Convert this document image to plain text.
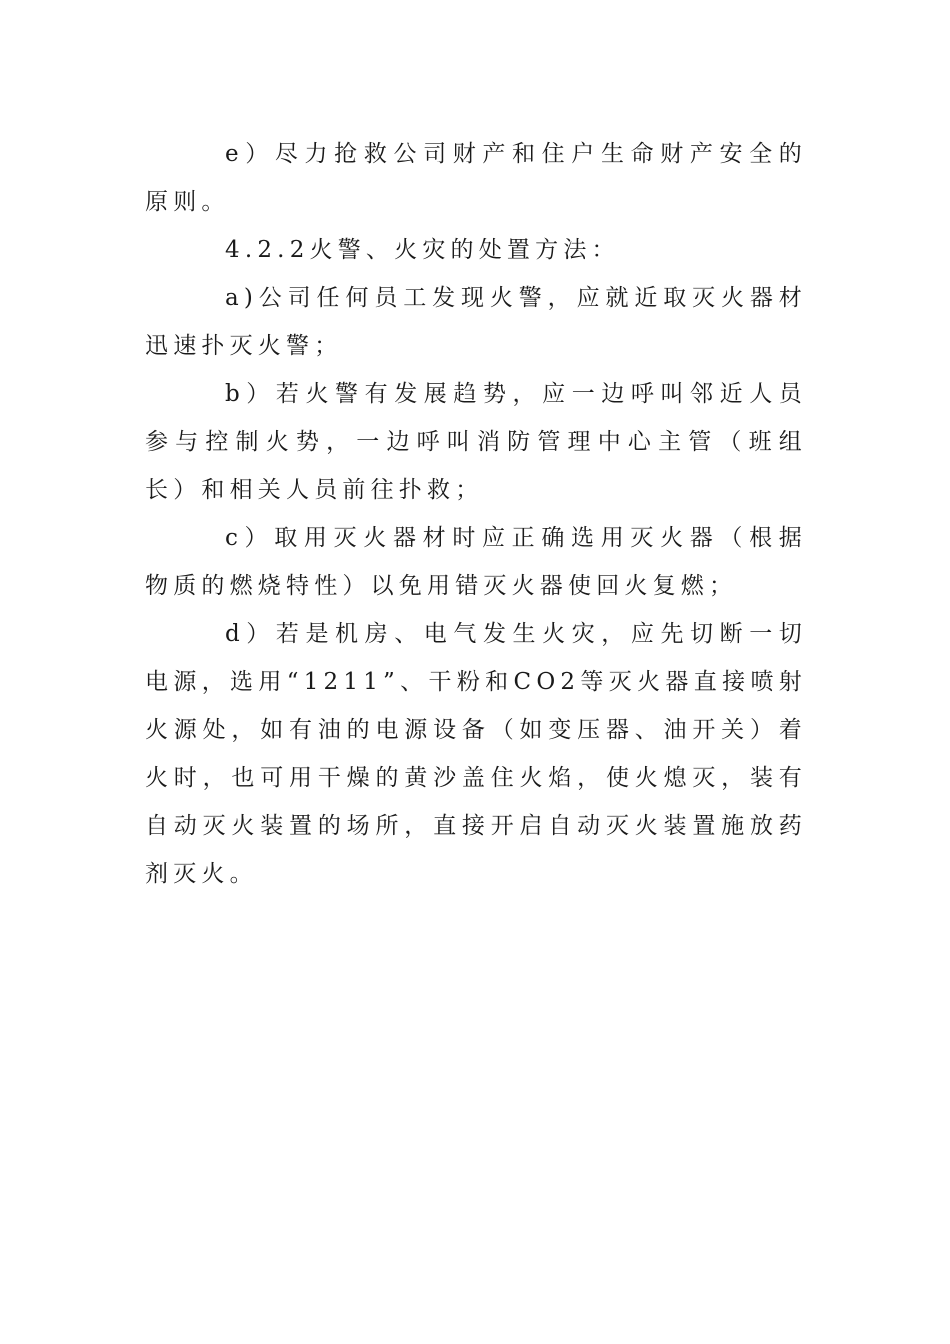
e）尽力抢救公司财产和住户生命财产安全的原则。

4.2.2火警、火灾的处置方法：

a)公司任何员工发现火警，应就近取灭火器材迅速扑灭火警；

b）若火警有发展趋势，应一边呼叫邻近人员参与控制火势，一边呼叫消防管理中心主管（班组长）和相关人员前往扑救；

c）取用灭火器材时应正确选用灭火器（根据物质的燃烧特性）以免用错灭火器使回火复燃；

d）若是机房、电气发生火灾，应先切断一切电源，选用“1211”、干粉和CO2等灭火器直接喷射火源处，如有油的电源设备（如变压器、油开关）着火时，也可用干燥的黄沙盖住火焰，使火熄灭，装有自动灭火装置的场所，直接开启自动灭火装置施放药剂灭火。
